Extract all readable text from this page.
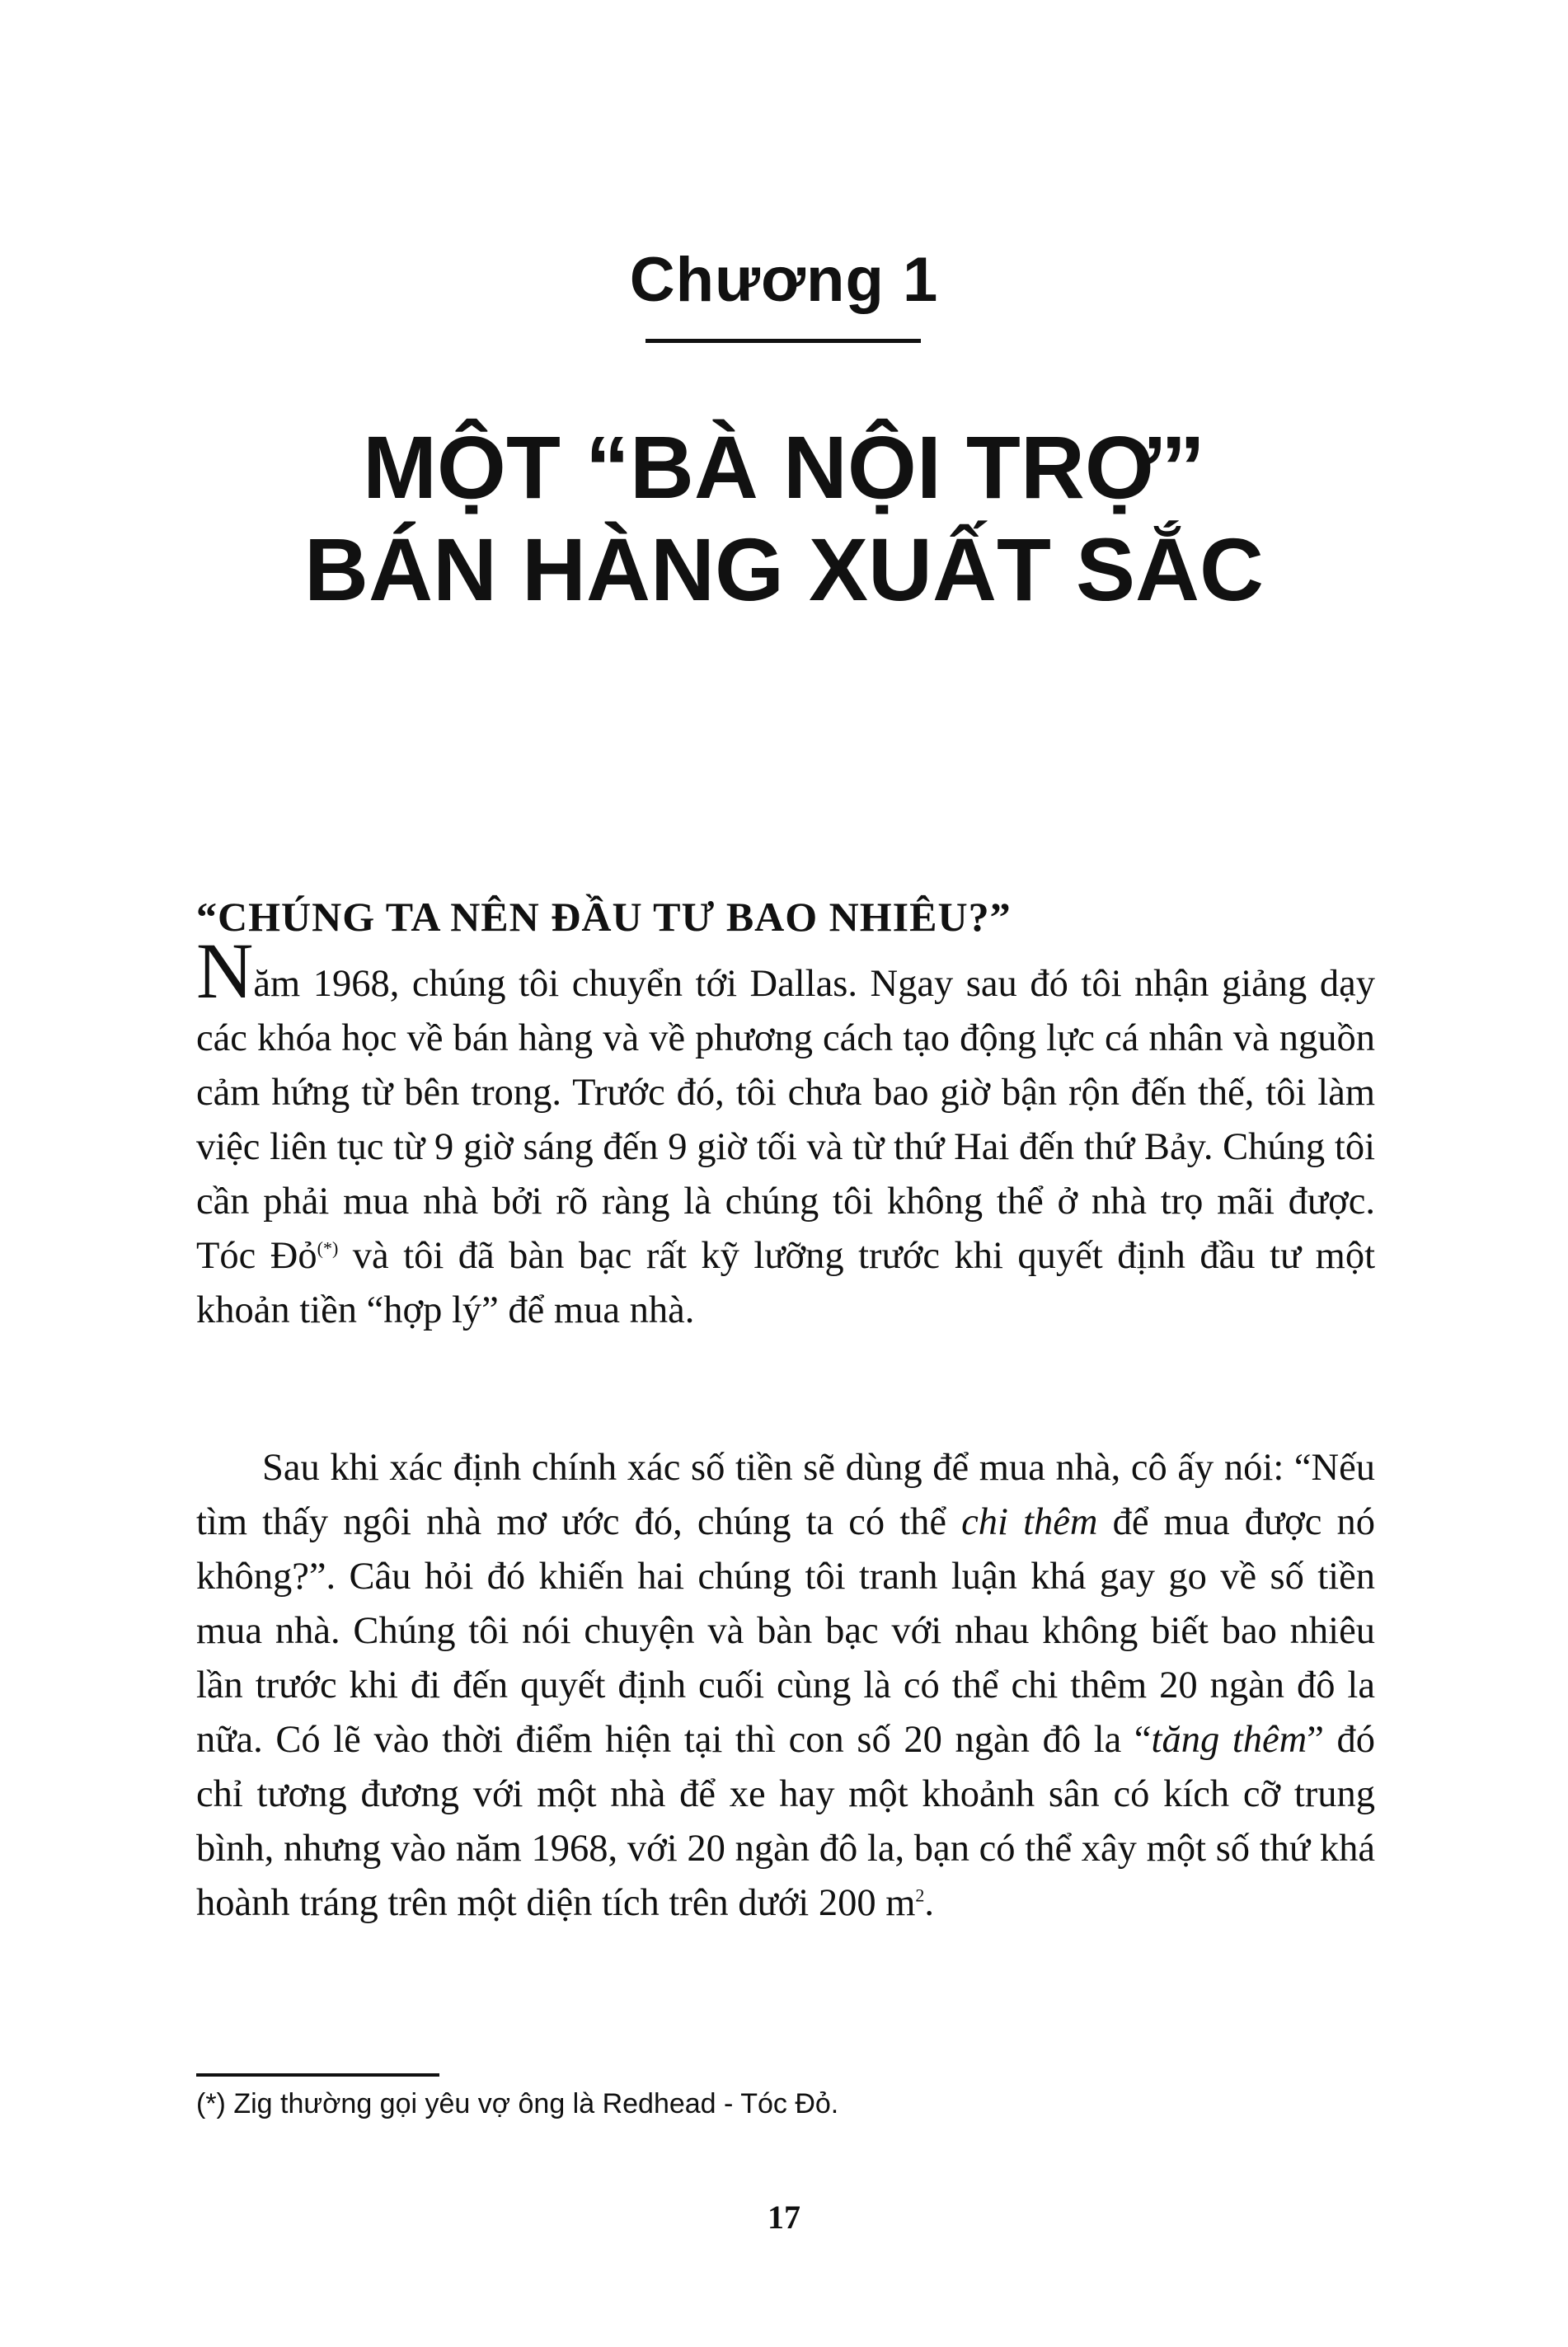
Chương 1
MỘT “BÀ NỘI TRỢ”
BÁN HÀNG XUẤT SẮC
“CHÚNG TA NÊN ĐẦU TƯ BAO NHIÊU?”

Năm 1968, chúng tôi chuyển tới Dallas. Ngay sau đó tôi nhận giảng dạy các khóa học về bán hàng và về phương cách tạo động lực cá nhân và nguồn cảm hứng từ bên trong. Trước đó, tôi chưa bao giờ bận rộn đến thế, tôi làm việc liên tục từ 9 giờ sáng đến 9 giờ tối và từ thứ Hai đến thứ Bảy. Chúng tôi cần phải mua nhà bởi rõ ràng là chúng tôi không thể ở nhà trọ mãi được. Tóc Đỏ(*) và tôi đã bàn bạc rất kỹ lưỡng trước khi quyết định đầu tư một khoản tiền “hợp lý” để mua nhà.

Sau khi xác định chính xác số tiền sẽ dùng để mua nhà, cô ấy nói: “Nếu tìm thấy ngôi nhà mơ ước đó, chúng ta có thể chi thêm để mua được nó không?”. Câu hỏi đó khiến hai chúng tôi tranh luận khá gay go về số tiền mua nhà. Chúng tôi nói chuyện và bàn bạc với nhau không biết bao nhiêu lần trước khi đi đến quyết định cuối cùng là có thể chi thêm 20 ngàn đô la nữa. Có lẽ vào thời điểm hiện tại thì con số 20 ngàn đô la “tăng thêm” đó chỉ tương đương với một nhà để xe hay một khoảnh sân có kích cỡ trung bình, nhưng vào năm 1968, với 20 ngàn đô la, bạn có thể xây một số thứ khá hoành tráng trên một diện tích trên dưới 200 $m^2$.

(*) Zig thường gọi yêu vợ ông là Redhead - Tóc Đỏ.
17
